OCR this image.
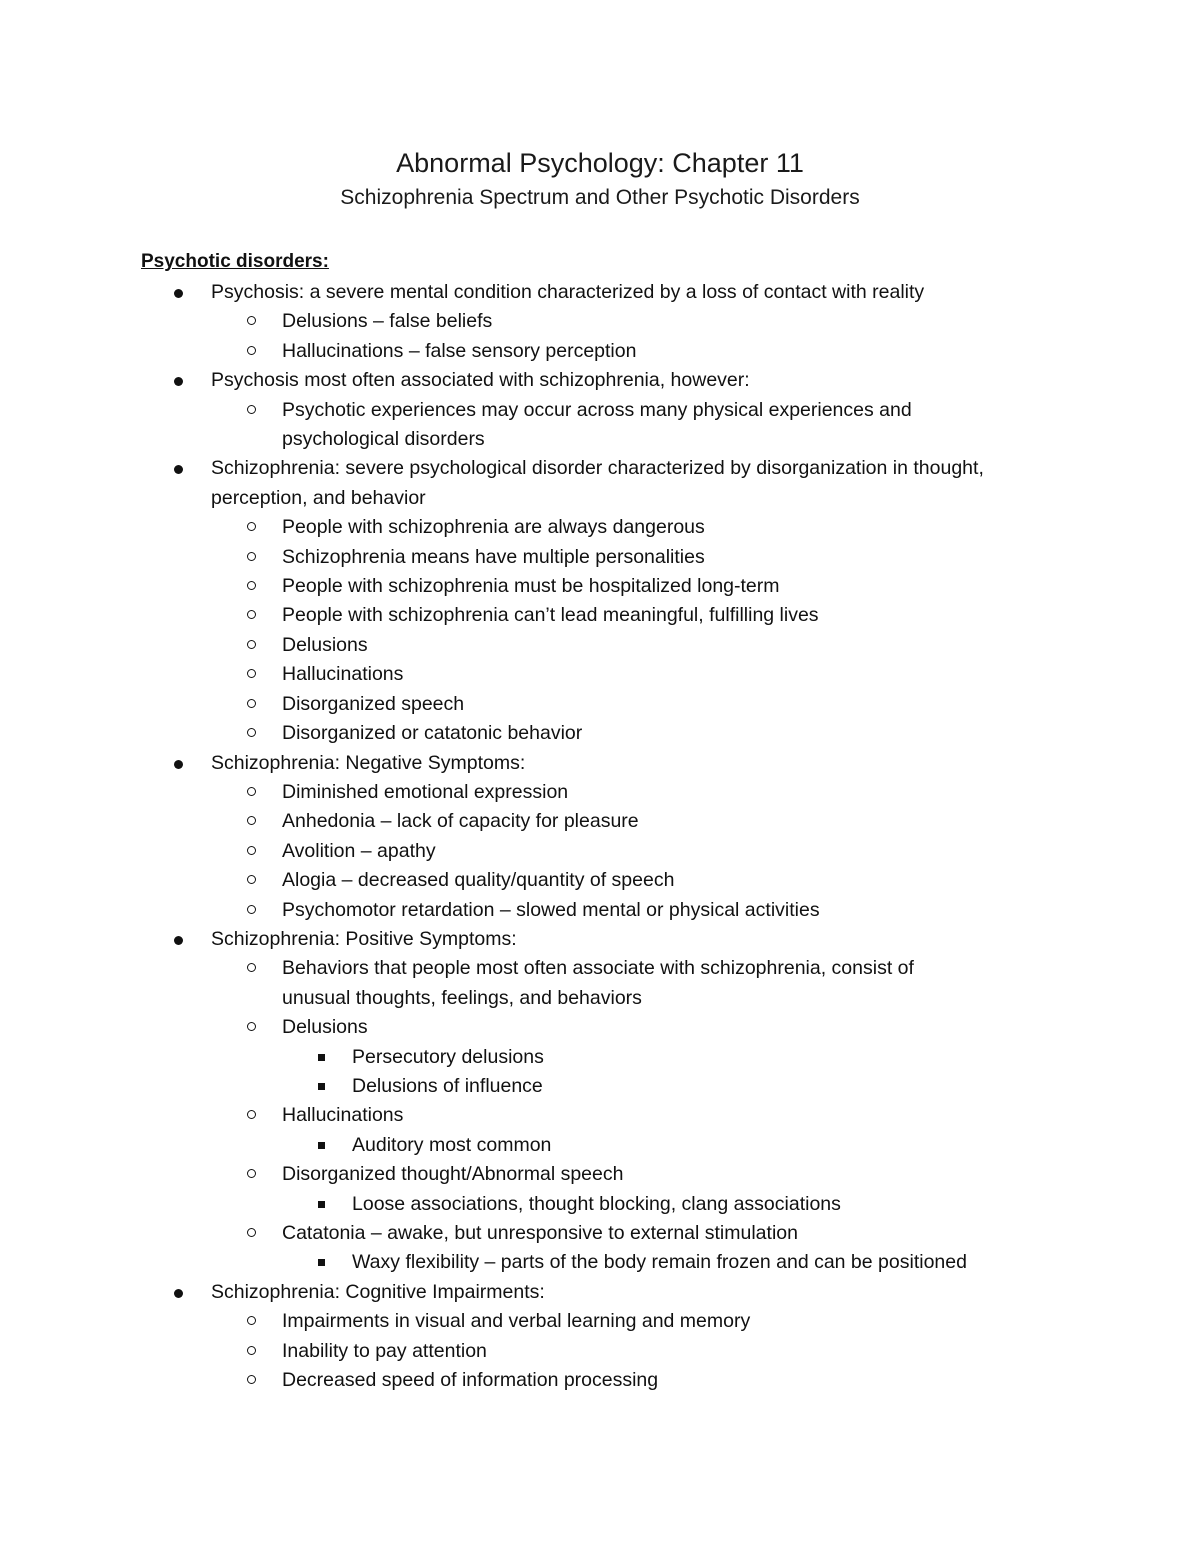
Abnormal Psychology: Chapter 11
Schizophrenia Spectrum and Other Psychotic Disorders
Psychotic disorders:
Psychosis: a severe mental condition characterized by a loss of contact with reality
Delusions – false beliefs
Hallucinations – false sensory perception
Psychosis most often associated with schizophrenia, however:
Psychotic experiences may occur across many physical experiences and
psychological disorders
Schizophrenia: severe psychological disorder characterized by disorganization in thought,
perception, and behavior
People with schizophrenia are always dangerous
Schizophrenia means have multiple personalities
People with schizophrenia must be hospitalized long-term
People with schizophrenia can’t lead meaningful, fulfilling lives
Delusions
Hallucinations
Disorganized speech
Disorganized or catatonic behavior
Schizophrenia: Negative Symptoms:
Diminished emotional expression
Anhedonia – lack of capacity for pleasure
Avolition – apathy
Alogia – decreased quality/quantity of speech
Psychomotor retardation – slowed mental or physical activities
Schizophrenia: Positive Symptoms:
Behaviors that people most often associate with schizophrenia, consist of
unusual thoughts, feelings, and behaviors
Delusions
Persecutory delusions
Delusions of influence
Hallucinations
Auditory most common
Disorganized thought/Abnormal speech
Loose associations, thought blocking, clang associations
Catatonia – awake, but unresponsive to external stimulation
Waxy flexibility – parts of the body remain frozen and can be positioned
Schizophrenia: Cognitive Impairments:
Impairments in visual and verbal learning and memory
Inability to pay attention
Decreased speed of information processing
